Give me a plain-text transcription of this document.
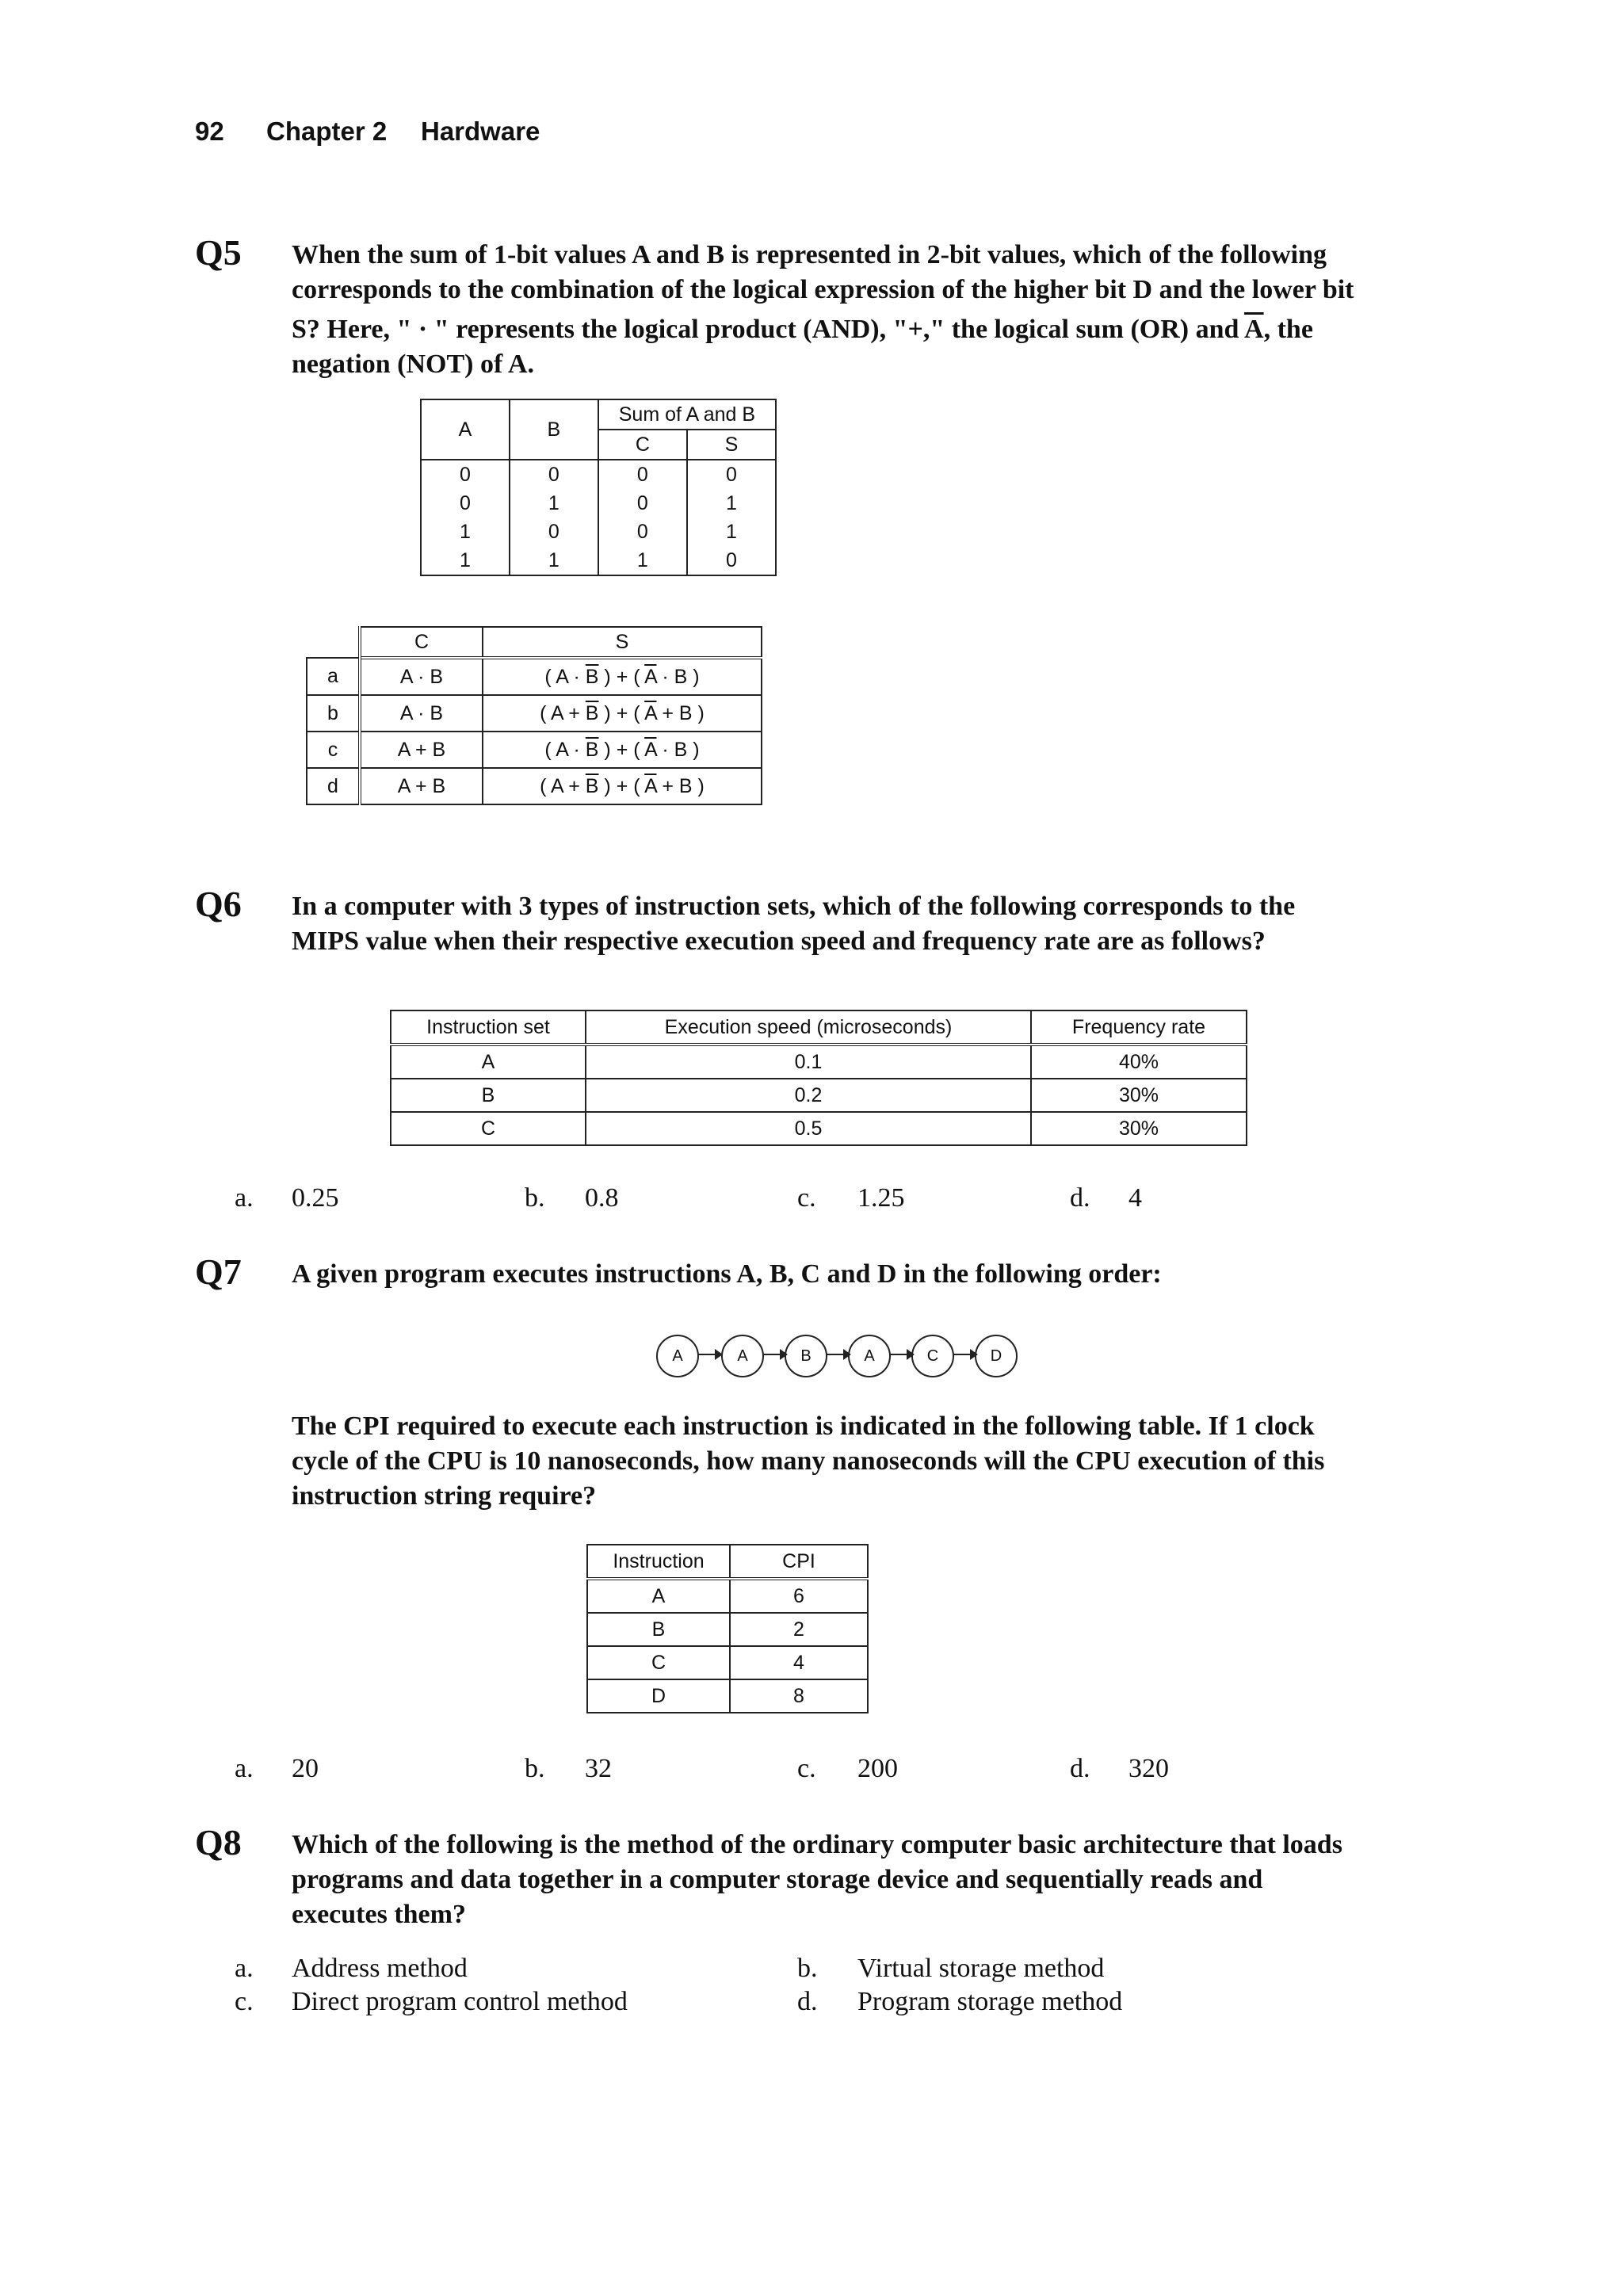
92 Chapter 2 Hardware
Q5 When the sum of 1-bit values A and B is represented in 2-bit values, which of the following
corresponds to the combination of the logical expression of the higher bit D and the lower bit
S? Here, " · " represents the logical product (AND), "+," the logical sum (OR) and $\overline{A}$, the
negation (NOT) of A.
A	B	Sum of A and B	
		C	S
0	0	0	0
0	1	0	1
1	0	0	1
1	1	1	0
	C	S
a	A · B	( $A \cdot \overline{B}$ ) + ( $\overline{A} \cdot B$ )
b	A · B	( $A + \overline{B}$ ) + ( $\overline{A} + B$ )
c	A + B	( $A \cdot \overline{B}$ ) + ( $\overline{A} \cdot B$ )
d	A + B	( $A + \overline{B}$ ) + ( $\overline{A} + B$ )
Q6 In a computer with 3 types of instruction sets, which of the following corresponds to the
MIPS value when their respective execution speed and frequency rate are as follows?
Instruction set	Execution speed (microseconds)	Frequency rate
A	0.1	40%
B	0.2	30%
C	0.5	30%
a. 0.25	b. 0.8	c. 1.25	d. 4
Q7 A given program executes instructions A, B, C and D in the following order:
A	A	B	A	C	D
The CPI required to execute each instruction is indicated in the following table. If 1 clock
cycle of the CPU is 10 nanoseconds, how many nanoseconds will the CPU execution of this
instruction string require?
Instruction	CPI
A	6
B	2
C	4
D	8
a. 20	b. 32	c. 200	d. 320
Q8 Which of the following is the method of the ordinary computer basic architecture that loads
programs and data together in a computer storage device and sequentially reads and
executes them?
a. Address method	b. Virtual storage method
c. Direct program control method	d. Program storage method
